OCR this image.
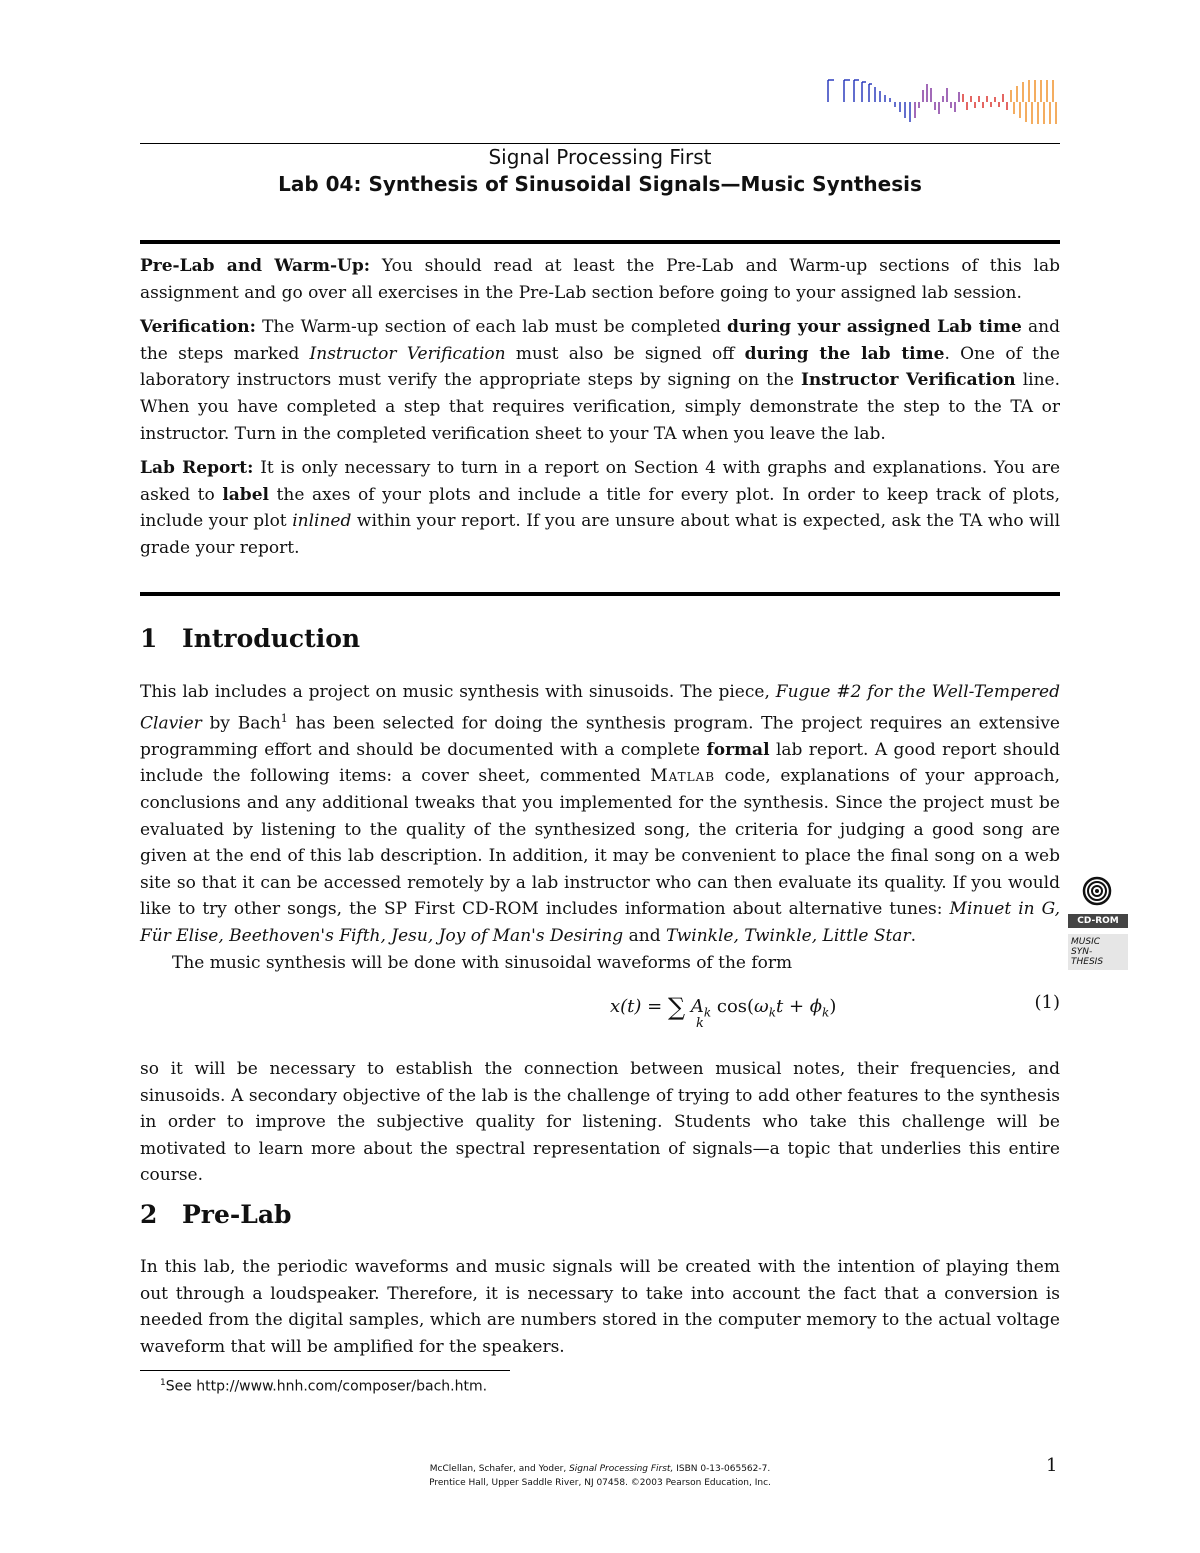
Signal Processing First
Lab 04: Synthesis of Sinusoidal Signals—Music Synthesis

Pre-Lab and Warm-Up: You should read at least the Pre-Lab and Warm-up sections of this lab assignment and go over all exercises in the Pre-Lab section before going to your assigned lab session.

Verification: The Warm-up section of each lab must be completed during your assigned Lab time and the steps marked Instructor Verification must also be signed off during the lab time. One of the laboratory instructors must verify the appropriate steps by signing on the Instructor Verification line. When you have completed a step that requires verification, simply demonstrate the step to the TA or instructor. Turn in the completed verification sheet to your TA when you leave the lab.

Lab Report: It is only necessary to turn in a report on Section 4 with graphs and explanations. You are asked to label the axes of your plots and include a title for every plot. In order to keep track of plots, include your plot inlined within your report. If you are unsure about what is expected, ask the TA who will grade your report.

1 Introduction

This lab includes a project on music synthesis with sinusoids. The piece, Fugue #2 for the Well-Tempered Clavier by Bach$^1$ has been selected for doing the synthesis program. The project requires an extensive programming effort and should be documented with a complete formal lab report. A good report should include the following items: a cover sheet, commented Matlab code, explanations of your approach, conclusions and any additional tweaks that you implemented for the synthesis. Since the project must be evaluated by listening to the quality of the synthesized song, the criteria for judging a good song are given at the end of this lab description. In addition, it may be convenient to place the final song on a web site so that it can be accessed remotely by a lab instructor who can then evaluate its quality. If you would like to try other songs, the SP First CD-ROM includes information about alternative tunes: Minuet in G, Für Elise, Beethoven's Fifth, Jesu, Joy of Man's Desiring and Twinkle, Twinkle, Little Star.

The music synthesis will be done with sinusoidal waveforms of the form

x(t) = ∑
k
$A_k$ $\cos(\omega_kt + \phi_k)$	(1)

so it will be necessary to establish the connection between musical notes, their frequencies, and sinusoids. A secondary objective of the lab is the challenge of trying to add other features to the synthesis in order to improve the subjective quality for listening. Students who take this challenge will be motivated to learn more about the spectral representation of signals—a topic that underlies this entire course.

2 Pre-Lab

In this lab, the periodic waveforms and music signals will be created with the intention of playing them out through a loudspeaker. Therefore, it is necessary to take into account the fact that a conversion is needed from the digital samples, which are numbers stored in the computer memory to the actual voltage waveform that will be amplified for the speakers.

$^1$See http://www.hnh.com/composer/bach.htm.
CD-ROM
MUSIC
SYN-
THESIS
McClellan, Schafer, and Yoder, Signal Processing First, ISBN 0-13-065562-7.
Prentice Hall, Upper Saddle River, NJ 07458. ©2003 Pearson Education, Inc.
1
